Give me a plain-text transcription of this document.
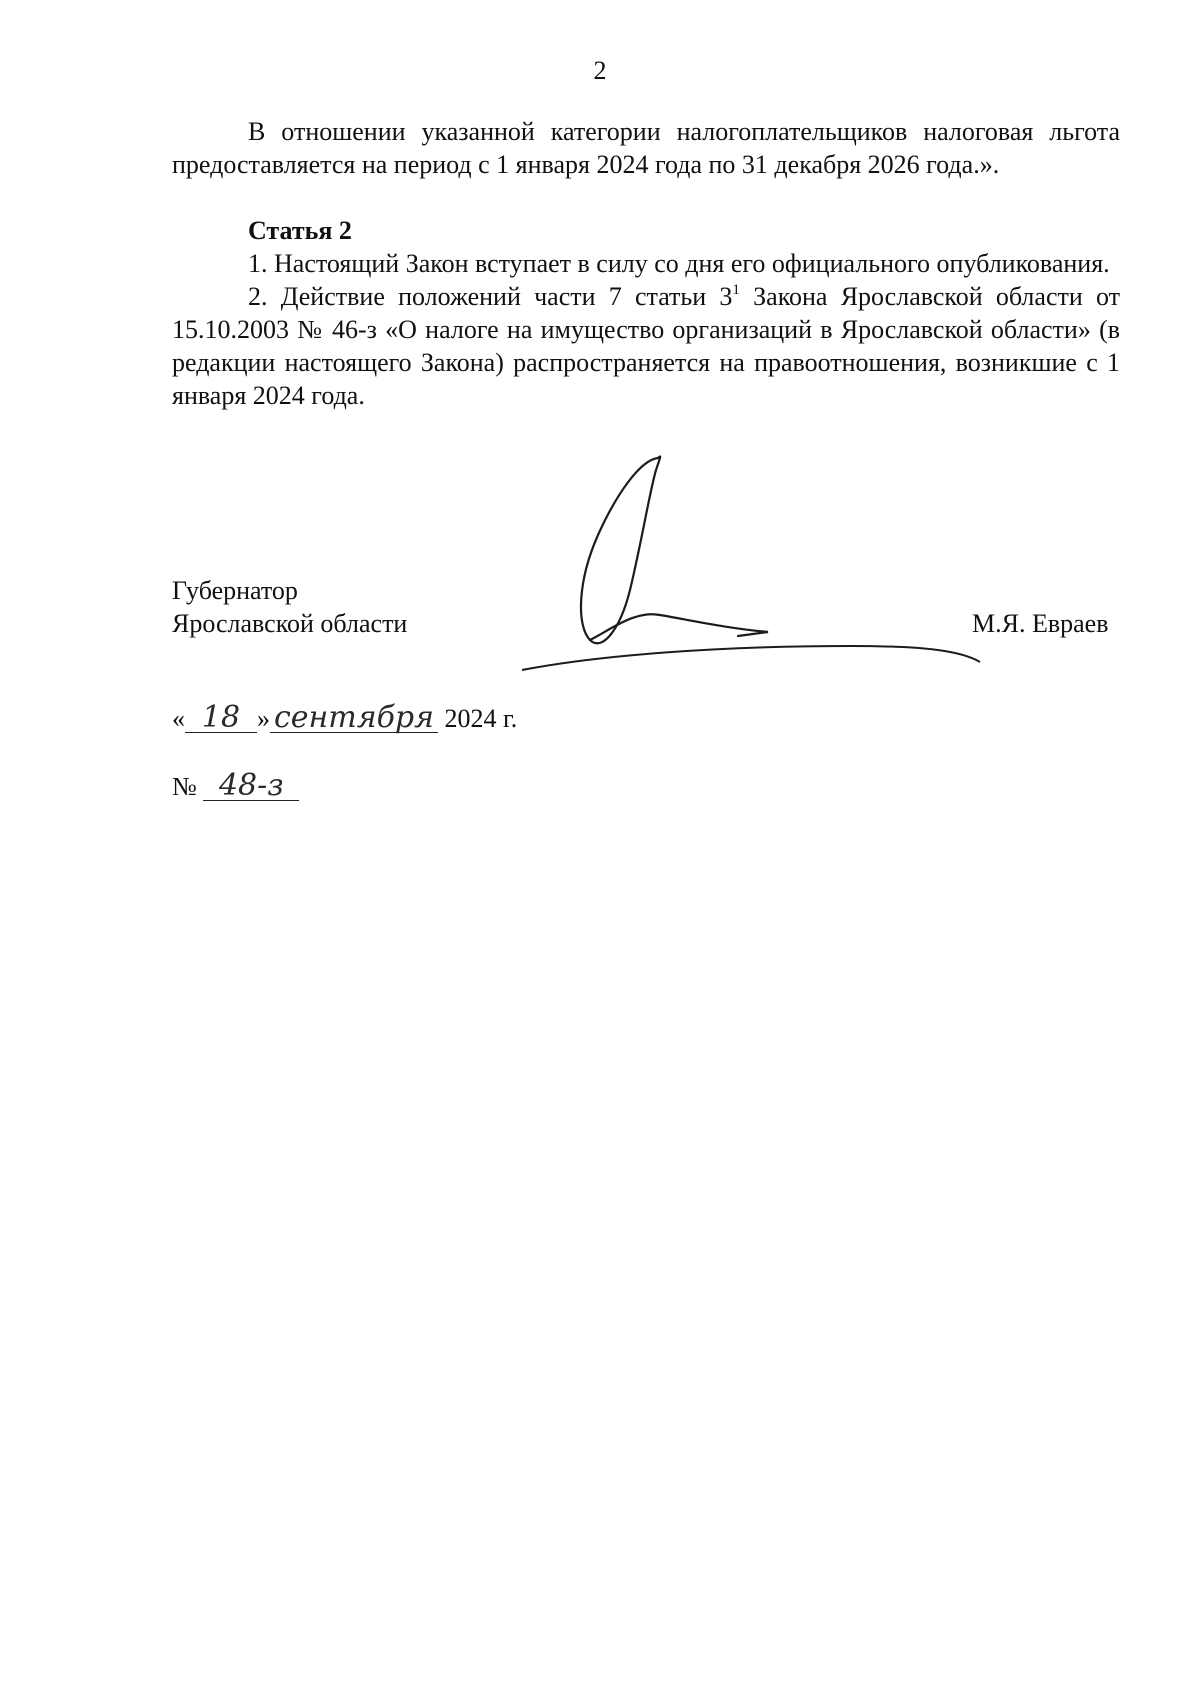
2

В отношении указанной категории налогоплательщиков налоговая льгота предоставляется на период с 1 января 2024 года по 31 декабря 2026 года.».

Статья 2

1. Настоящий Закон вступает в силу со дня его официального опубликования.

2. Действие положений части 7 статьи $3^1$ Закона Ярославской области от 15.10.2003 № 46-з «О налоге на имущество организаций в Ярославской области» (в редакции настоящего Закона) распространяется на правоотношения, возникшие с 1 января 2024 года.

Губернатор
Ярославской области	М.Я. Евраев
« 18 » сентября 2024 г.
№ 48-з
